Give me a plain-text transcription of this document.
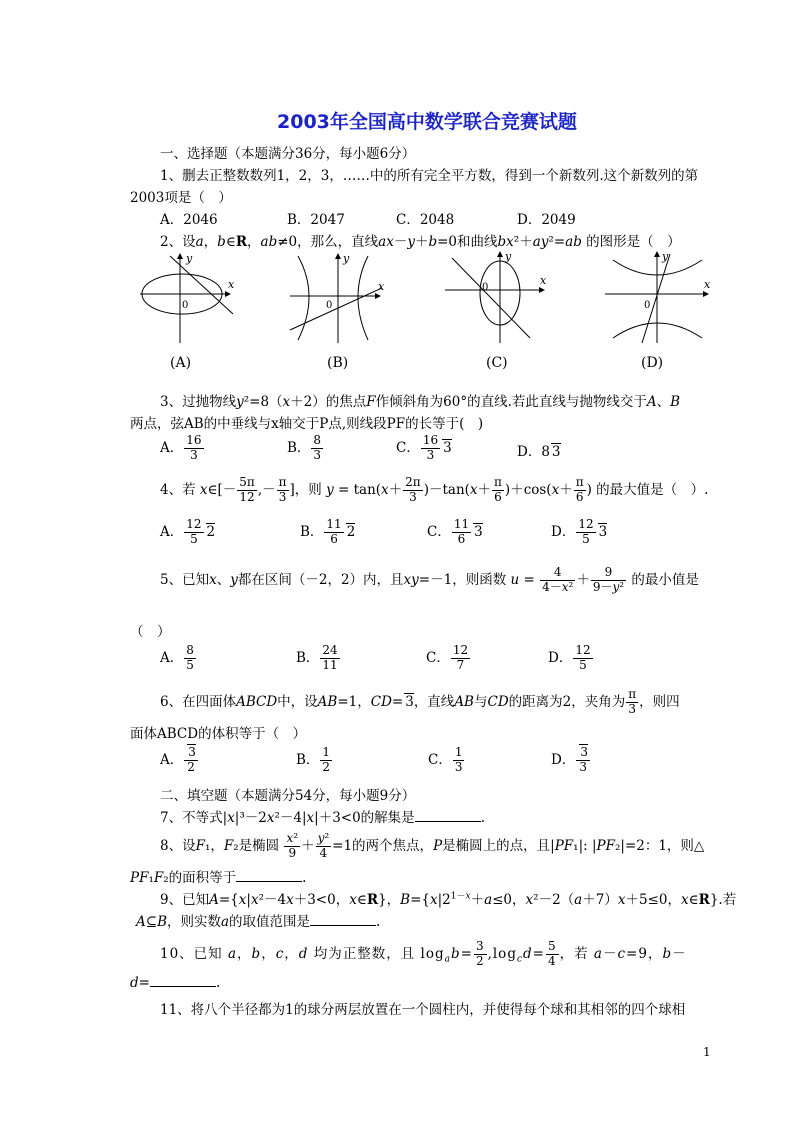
2003年全国高中数学联合竞赛试题
一、选择题（本题满分36分，每小题6分）
1、删去正整数数列1，2，3，……中的所有完全平方数，得到一个新数列.这个新数列的第
2003项是（　）
A．2046	B．2047	C．2048	D．2049
2、设a，b∈R，ab≠0，那么，直线ax－y＋b=0和曲线bx²＋ay²=ab 的图形是（　）
y
x
0
y
x
0
y
x
0
y
x
0
(A)	(B)	(C)	(D)
3、过抛物线y²=8（x＋2）的焦点F作倾斜角为60°的直线.若此直线与抛物线交于A、B
两点，弦AB的中垂线与x轴交于P点,则线段PF的长等于(　)
A． $\frac{16}{3}$	B． $\frac{8}{3}$	C． $\frac{16}{3} 3$	D．8 3
4、若 x∈[－ $\frac{5\pi}{12}$ ,－ $\frac{\pi}{3}$ ]，则 $y = \tan(x+ \frac{2\pi}{3} )-\tan(x+ \frac{\pi}{6} )+\cos(x+ \frac{\pi}{6}$ ) 的最大值是（　）.
A． $\frac{12}{5} 2$	B． $\frac{11}{6} 2$	C． $\frac{11}{6} 3$	D． $\frac{12}{5} 3$
5、已知x、y都在区间（－2，2）内，且xy=－1，则函数 $u = \frac{4}{\text{4－x²}} + \frac{9}{\text{9－y²}}$ 的最小值是
（　）
A． $\frac{8}{5}$	B． $\frac{24}{11}$	C． $\frac{12}{7}$	D． $\frac{12}{5}$
6、在四面体ABCD中，设AB=1，CD= 3，直线AB与CD的距离为2，夹角为 $\frac{\pi}{3}$ ，则四
面体ABCD的体积等于（　）
A． $\frac{3}{2}$	B． $\frac{1}{2}$	C． $\frac{1}{3}$	D． $\frac{3}{3}$
二、填空题（本题满分54分，每小题9分）
7、不等式|x|³－2x²－4|x|＋3<0的解集是	.
8、设F₁，F₂是椭圆 $\frac{\text{x²}}{9} + \frac{\text{y²}}{4} =1$的两个焦点，P是椭圆上的点，且|PF₁|: |PF₂|=2：1，则△
PF₁F₂的面积等于	.
9、已知A={x|x²－4x＋3<0，x∈R}，$B=\{x|2^{1-x}+a\le 0$，x²－2（a＋7）x＋5≤0，x∈R}.若
A⊆B，则实数a的取值范围是	.
10、已知 a，b，c，d 均为正整数，且 $\log_ab= \frac{3}{2} ,\log_cd= \frac{5}{4}$ ，若 a－c=9，b－
d=	.
11、将八个半径都为1的球分两层放置在一个圆柱内，并使得每个球和其相邻的四个球相
1
